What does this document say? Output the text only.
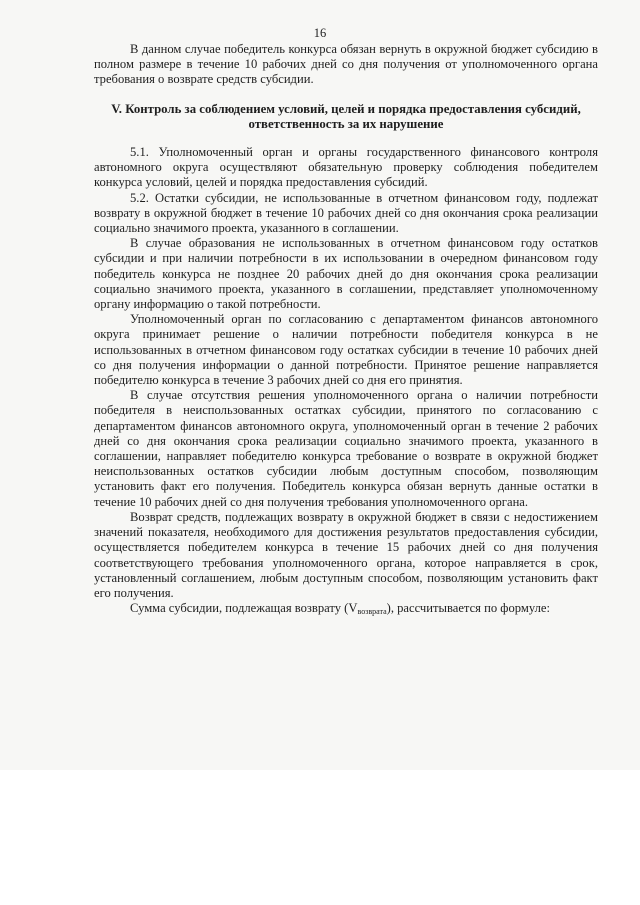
16

В данном случае победитель конкурса обязан вернуть в окружной бюджет субсидию в полном размере в течение 10 рабочих дней со дня получения от уполномоченного органа требования о возврате средств субсидии.

V. Контроль за соблюдением условий, целей и порядка предоставления субсидий, ответственность за их нарушение

5.1. Уполномоченный орган и органы государственного финансового контроля автономного округа осуществляют обязательную проверку соблюдения победителем конкурса условий, целей и порядка предоставления субсидий.

5.2. Остатки субсидии, не использованные в отчетном финансовом году, подлежат возврату в окружной бюджет в течение 10 рабочих дней со дня окончания срока реализации социально значимого проекта, указанного в соглашении.

В случае образования не использованных в отчетном финансовом году остатков субсидии и при наличии потребности в их использовании в очередном финансовом году победитель конкурса не позднее 20 рабочих дней до дня окончания срока реализации социально значимого проекта, указанного в соглашении, представляет уполномоченному органу информацию о такой потребности.

Уполномоченный орган по согласованию с департаментом финансов автономного округа принимает решение о наличии потребности победителя конкурса в не использованных в отчетном финансовом году остатках субсидии в течение 10 рабочих дней со дня получения информации о данной потребности. Принятое решение направляется победителю конкурса в течение 3 рабочих дней со дня его принятия.

В случае отсутствия решения уполномоченного органа о наличии потребности победителя в неиспользованных остатках субсидии, принятого по согласованию с департаментом финансов автономного округа, уполномоченный орган в течение 2 рабочих дней со дня окончания срока реализации социально значимого проекта, указанного в соглашении, направляет победителю конкурса требование о возврате в окружной бюджет неиспользованных остатков субсидии любым доступным способом, позволяющим установить факт его получения. Победитель конкурса обязан вернуть данные остатки в течение 10 рабочих дней со дня получения требования уполномоченного органа.

Возврат средств, подлежащих возврату в окружной бюджет в связи с недостижением значений показателя, необходимого для достижения результатов предоставления субсидии, осуществляется победителем конкурса в течение 15 рабочих дней со дня получения соответствующего требования уполномоченного органа, которое направляется в срок, установленный соглашением, любым доступным способом, позволяющим установить факт его получения.

Сумма субсидии, подлежащая возврату $(V_{возврата})$, рассчитывается по формуле:
